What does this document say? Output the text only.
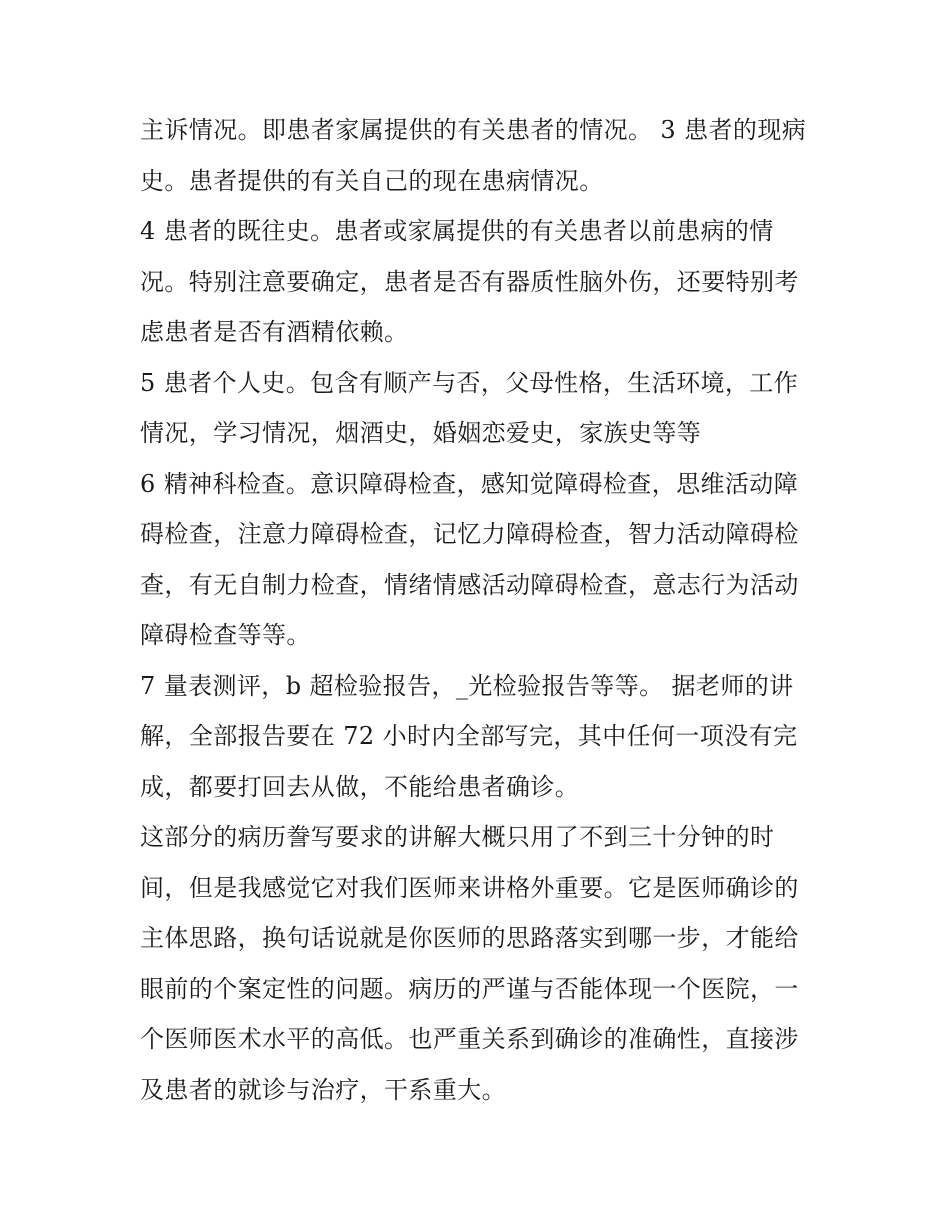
主诉情况。即患者家属提供的有关患者的情况。 3 患者的现病
史。患者提供的有关自己的现在患病情况。

4 患者的既往史。患者或家属提供的有关患者以前患病的情
况。特别注意要确定，患者是否有器质性脑外伤，还要特别考
虑患者是否有酒精依赖。

5 患者个人史。包含有顺产与否，父母性格，生活环境，工作
情况，学习情况，烟酒史，婚姻恋爱史，家族史等等

6 精神科检查。意识障碍检查，感知觉障碍检查，思维活动障
碍检查，注意力障碍检查，记忆力障碍检查，智力活动障碍检
查，有无自制力检查，情绪情感活动障碍检查，意志行为活动
障碍检查等等。

7 量表测评，b 超检验报告，_光检验报告等等。 据老师的讲
解，全部报告要在 72 小时内全部写完，其中任何一项没有完
成，都要打回去从做，不能给患者确诊。

这部分的病历誊写要求的讲解大概只用了不到三十分钟的时
间，但是我感觉它对我们医师来讲格外重要。它是医师确诊的
主体思路，换句话说就是你医师的思路落实到哪一步，才能给
眼前的个案定性的问题。病历的严谨与否能体现一个医院，一
个医师医术水平的高低。也严重关系到确诊的准确性，直接涉
及患者的就诊与治疗，干系重大。
